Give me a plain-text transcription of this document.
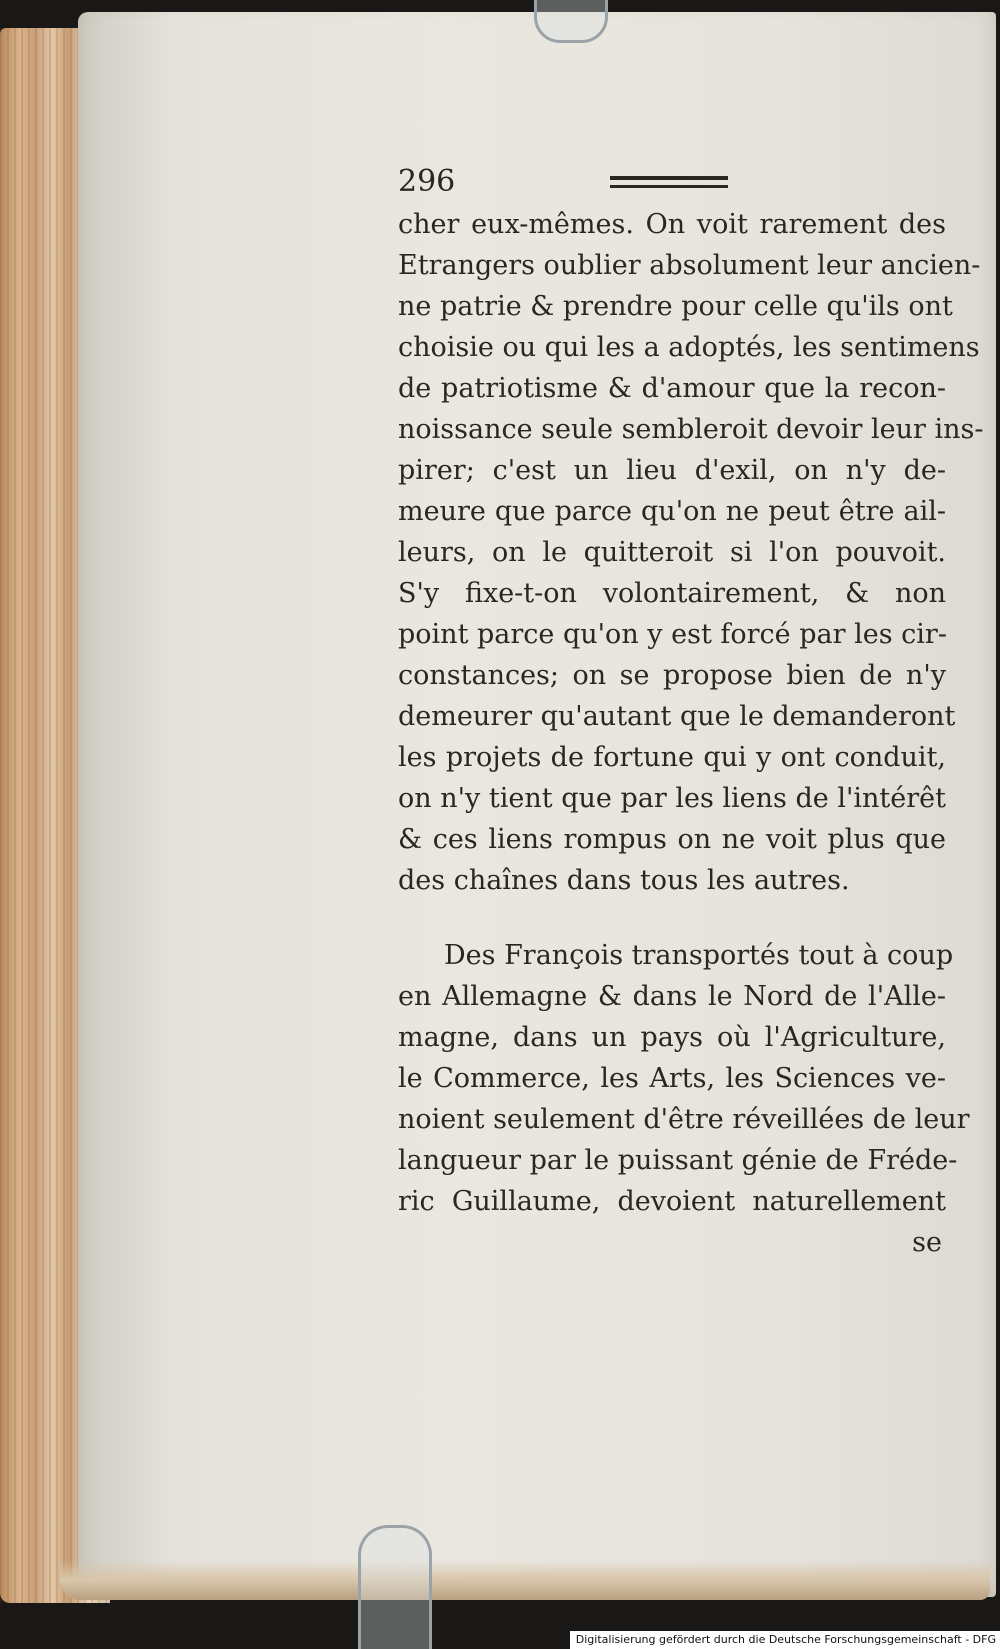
296

cher eux-mêmes. On voit rarement des
Etrangers oublier absolument leur ancien-
ne patrie & prendre pour celle qu'ils ont
choisie ou qui les a adoptés, les sentimens
de patriotisme & d'amour que la recon-
noissance seule sembleroit devoir leur ins-
pirer; c'est un lieu d'exil, on n'y de-
meure que parce qu'on ne peut être ail-
leurs, on le quitteroit si l'on pouvoit.
S'y fixe-t-on volontairement, & non
point parce qu'on y est forcé par les cir-
constances; on se propose bien de n'y
demeurer qu'autant que le demanderont
les projets de fortune qui y ont conduit,
on n'y tient que par les liens de l'intérêt
& ces liens rompus on ne voit plus que
des chaînes dans tous les autres.

Des François transportés tout à coup
en Allemagne & dans le Nord de l'Alle-
magne, dans un pays où l'Agriculture,
le Commerce, les Arts, les Sciences ve-
noient seulement d'être réveillées de leur
langueur par le puissant génie de Fréde-
ric Guillaume, devoient naturellement

se
Digitalisierung gefördert durch die Deutsche Forschungsgemeinschaft - DFG
